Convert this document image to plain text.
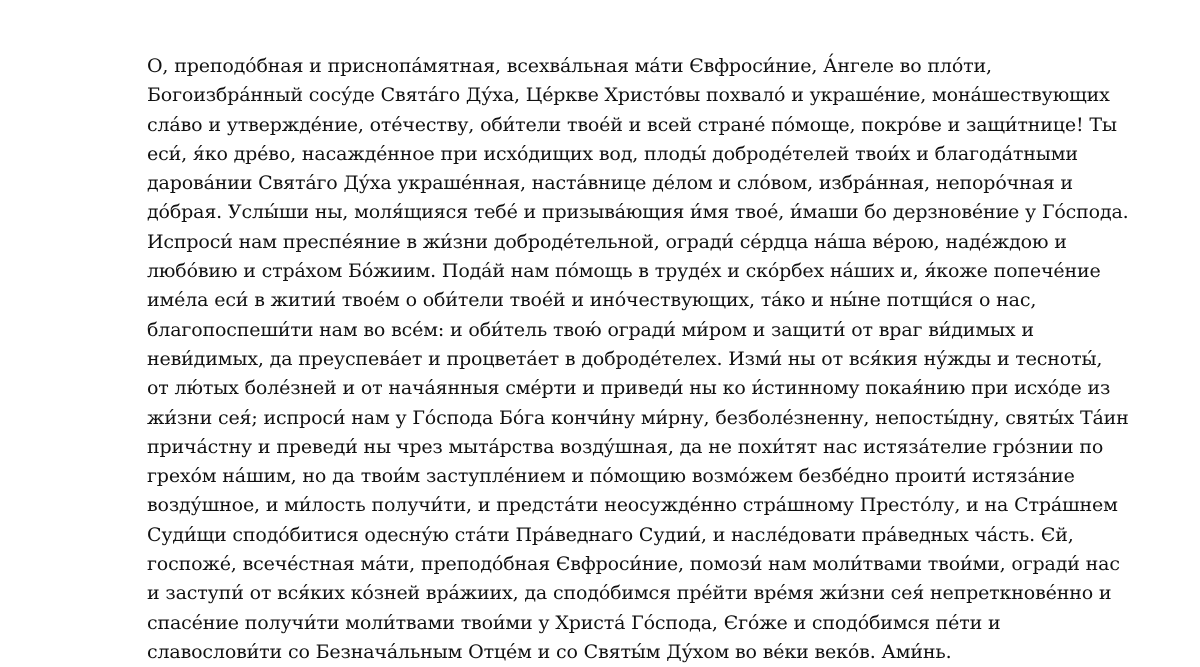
О, преподо́бная и приснопа́мятная, всехва́льная ма́ти Євфроси́ние, А́нгеле во пло́ти,
Богоизбра́нный сосу́де Свята́го Ду́ха, Це́ркве Христо́вы похвало́ и украше́ние, мона́шествующих
сла́во и утвержде́ние, оте́честву, оби́тели твое́й и всей стране́ по́моще, покро́ве и защи́тнице! Ты
еси́, я́ко дре́во, насажде́нное при исхо́дищих вод, плоды́ доброде́телей твои́х и благода́тными
дарова́нии Свята́го Ду́ха украше́нная, наста́внице де́лом и сло́вом, избра́нная, непоро́чная и
до́брая. Услы́ши ны, моля́щияся тебе́ и призыва́ющия и́мя твое́, и́маши бо дерзнове́ние у Го́спода.
Испроси́ нам преспе́яние в жи́зни доброде́тельной, огради́ се́рдца на́ша ве́рою, наде́ждою и
любо́вию и стра́хом Бо́жиим. Пода́й нам по́мощь в труде́х и ско́рбех на́ших и, я́коже попече́ние
име́ла еси́ в житии́ твое́м о оби́тели твое́й и ино́чествующих, та́ко и ны́не потщи́ся о нас,
благопоспеши́ти нам во все́м: и оби́тель твою́ огради́ ми́ром и защити́ от враг ви́димых и
неви́димых, да преуспева́ет и процвета́ет в доброде́телех. Изми́ ны от вся́кия ну́жды и тесноты́,
от лю́тых боле́зней и от нача́янныя сме́рти и приведи́ ны ко и́стинному покая́нию при исхо́де из
жи́зни сея́; испроси́ нам у Го́спода Бо́га кончи́ну ми́рну, безболе́зненну, непосты́дну, святы́х Та́ин
прича́стну и преведи́ ны чрез мыта́рства возду́шная, да не похи́тят нас истяза́телие гро́знии по
грехо́м на́шим, но да твои́м заступле́нием и по́мощию возмо́жем безбе́дно проити́ истяза́ние
возду́шное, и ми́лость получи́ти, и предста́ти неосужде́нно стра́шному Престо́лу, и на Стра́шнем
Суди́щи сподо́битися одесну́ю ста́ти Пра́веднаго Судии́, и насле́довати пра́ведных ча́сть. Єй,
госпоже́, всече́стная ма́ти, преподо́бная Євфроси́ние, помози́ нам моли́твами твои́ми, огради́ нас
и заступи́ от вся́ких ко́зней вра́жиих, да сподо́бимся пре́йти вре́мя жи́зни сея́ непреткнове́нно и
спасе́ние получи́ти моли́твами твои́ми у Христа́ Го́спода, Єго́же и сподо́бимся пе́ти и
славослови́ти со Безнача́льным Отце́м и со Святы́м Ду́хом во ве́ки веко́в. Ами́нь.
